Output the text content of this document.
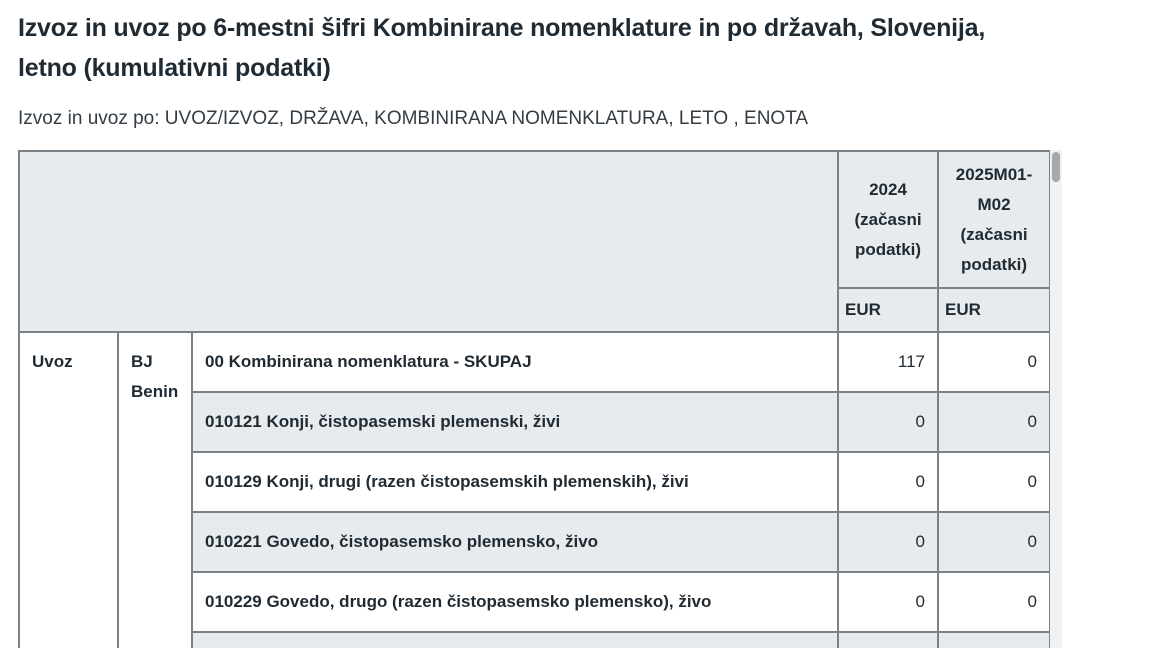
Izvoz in uvoz po 6-mestni šifri Kombinirane nomenklature in po državah, Slovenija, letno (kumulativni podatki)
Izvoz in uvoz po: UVOZ/IZVOZ, DRŽAVA, KOMBINIRANA NOMENKLATURA, LETO , ENOTA
			2024 (začasni podatki)	2025M01-M02 (začasni podatki)
			EUR	EUR
Uvoz	BJ Benin	00 Kombinirana nomenklatura - SKUPAJ	117	0
		010121 Konji, čistopasemski plemenski, živi	0	0
		010129 Konji, drugi (razen čistopasemskih plemenskih), živi	0	0
		010221 Govedo, čistopasemsko plemensko, živo	0	0
		010229 Govedo, drugo (razen čistopasemsko plemensko), živo	0	0
